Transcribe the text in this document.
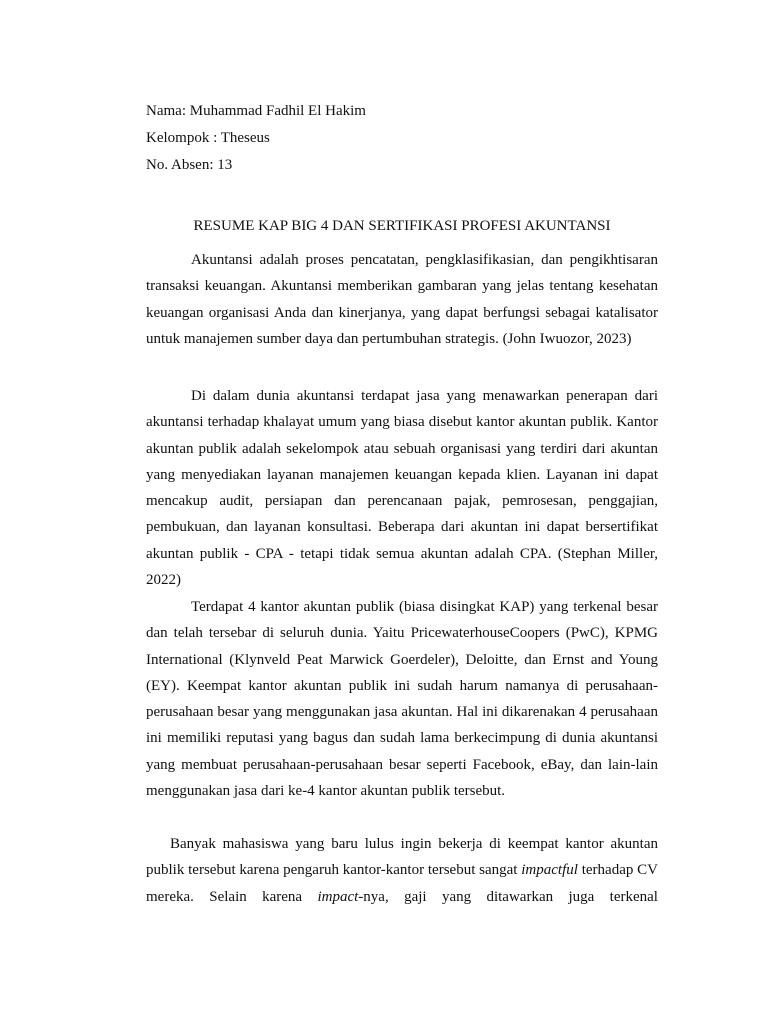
Nama: Muhammad Fadhil El Hakim
Kelompok : Theseus
No. Absen: 13
RESUME KAP BIG 4 DAN SERTIFIKASI PROFESI AKUNTANSI

Akuntansi adalah proses pencatatan, pengklasifikasian, dan pengikhtisaran transaksi keuangan. Akuntansi memberikan gambaran yang jelas tentang kesehatan keuangan organisasi Anda dan kinerjanya, yang dapat berfungsi sebagai katalisator untuk manajemen sumber daya dan pertumbuhan strategis. (John Iwuozor, 2023)

Di dalam dunia akuntansi terdapat jasa yang menawarkan penerapan dari akuntansi terhadap khalayat umum yang biasa disebut kantor akuntan publik. Kantor akuntan publik adalah sekelompok atau sebuah organisasi yang terdiri dari akuntan yang menyediakan layanan manajemen keuangan kepada klien. Layanan ini dapat mencakup audit, persiapan dan perencanaan pajak, pemrosesan, penggajian, pembukuan, dan layanan konsultasi. Beberapa dari akuntan ini dapat bersertifikat akuntan publik - CPA - tetapi tidak semua akuntan adalah CPA. (Stephan Miller, 2022)

Terdapat 4 kantor akuntan publik (biasa disingkat KAP) yang terkenal besar dan telah tersebar di seluruh dunia. Yaitu PricewaterhouseCoopers (PwC), KPMG International (Klynveld Peat Marwick Goerdeler), Deloitte, dan Ernst and Young (EY). Keempat kantor akuntan publik ini sudah harum namanya di perusahaan-perusahaan besar yang menggunakan jasa akuntan. Hal ini dikarenakan 4 perusahaan ini memiliki reputasi yang bagus dan sudah lama berkecimpung di dunia akuntansi yang membuat perusahaan-perusahaan besar seperti Facebook, eBay, dan lain-lain menggunakan jasa dari ke-4 kantor akuntan publik tersebut.

Banyak mahasiswa yang baru lulus ingin bekerja di keempat kantor akuntan publik tersebut karena pengaruh kantor-kantor tersebut sangat impactful terhadap CV mereka. Selain karena impact-nya, gaji yang ditawarkan juga terkenal
